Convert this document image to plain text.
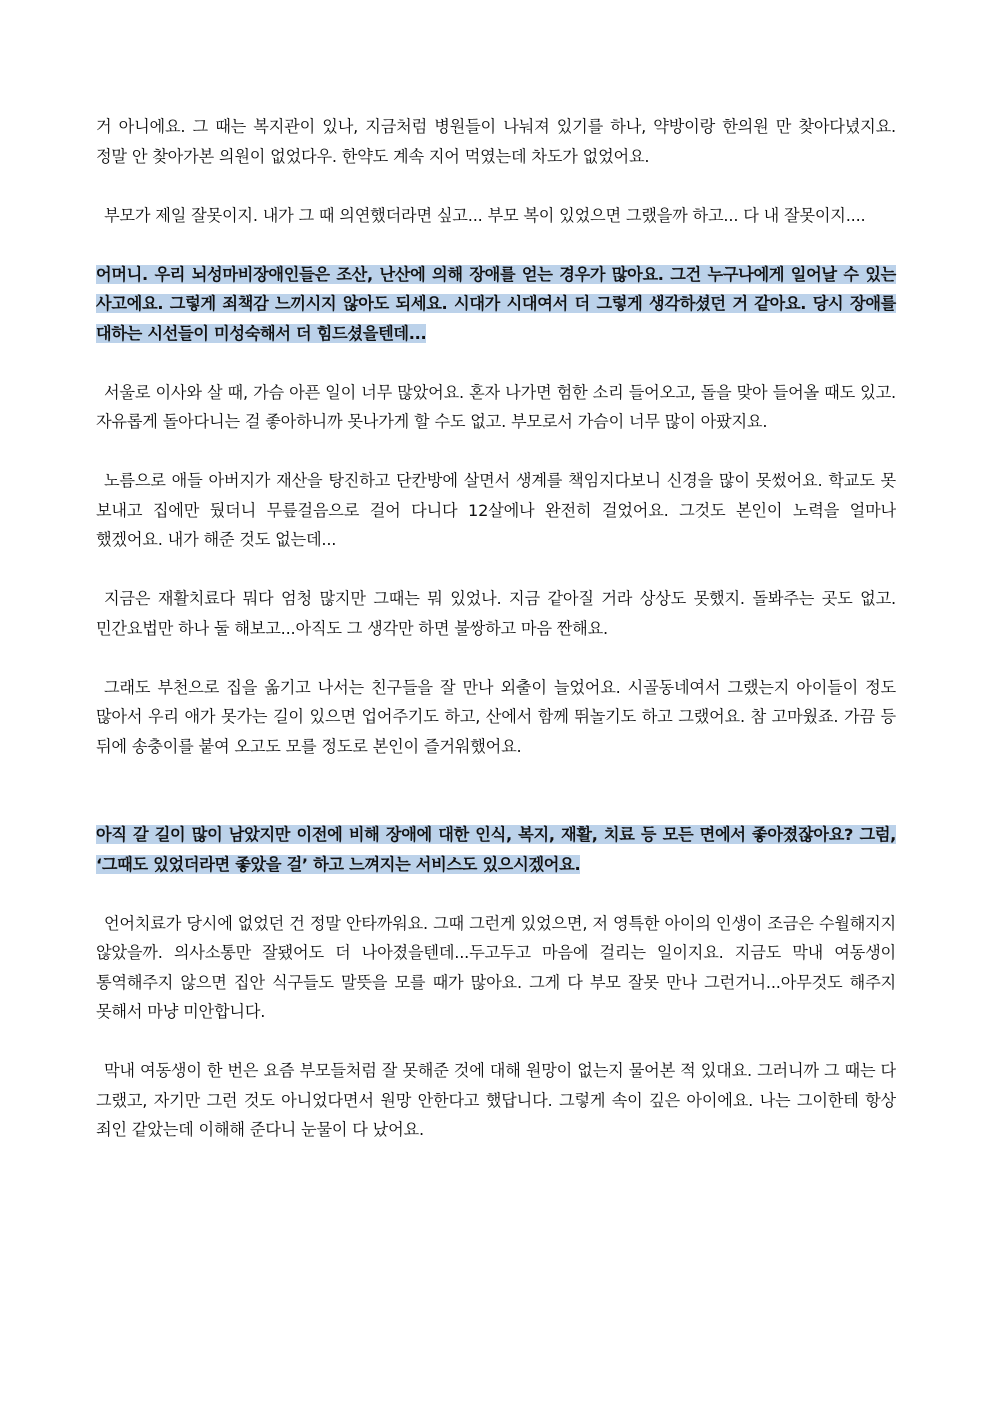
거 아니에요. 그 때는 복지관이 있나, 지금처럼 병원들이 나눠져 있기를 하나, 약방이랑 한의원 만 찾아다녔지요. 정말 안 찾아가본 의원이 없었다우. 한약도 계속 지어 먹였는데 차도가 없었어요.

부모가 제일 잘못이지. 내가 그 때 의연했더라면 싶고... 부모 복이 있었으면 그랬을까 하고... 다 내 잘못이지....

어머니. 우리 뇌성마비장애인들은 조산, 난산에 의해 장애를 얻는 경우가 많아요. 그건 누구나에게 일어날 수 있는 사고에요. 그렇게 죄책감 느끼시지 않아도 되세요. 시대가 시대여서 더 그렇게 생각하셨던 거 같아요. 당시 장애를 대하는 시선들이 미성숙해서 더 힘드셨을텐데...

서울로 이사와 살 때, 가슴 아픈 일이 너무 많았어요. 혼자 나가면 험한 소리 들어오고, 돌을 맞아 들어올 때도 있고. 자유롭게 돌아다니는 걸 좋아하니까 못나가게 할 수도 없고. 부모로서 가슴이 너무 많이 아팠지요.

노름으로 애들 아버지가 재산을 탕진하고 단칸방에 살면서 생계를 책임지다보니 신경을 많이 못썼어요. 학교도 못 보내고 집에만 뒀더니 무릎걸음으로 걸어 다니다 12살에나 완전히 걸었어요. 그것도 본인이 노력을 얼마나 했겠어요. 내가 해준 것도 없는데...

지금은 재활치료다 뭐다 엄청 많지만 그때는 뭐 있었나. 지금 같아질 거라 상상도 못했지. 돌봐주는 곳도 없고. 민간요법만 하나 둘 해보고...아직도 그 생각만 하면 불쌍하고 마음 짠해요.

그래도 부천으로 집을 옮기고 나서는 친구들을 잘 만나 외출이 늘었어요. 시골동네여서 그랬는지 아이들이 정도 많아서 우리 애가 못가는 길이 있으면 업어주기도 하고, 산에서 함께 뛰놀기도 하고 그랬어요. 참 고마웠죠. 가끔 등 뒤에 송충이를 붙여 오고도 모를 정도로 본인이 즐거워했어요.

아직 갈 길이 많이 남았지만 이전에 비해 장애에 대한 인식, 복지, 재활, 치료 등 모든 면에서 좋아졌잖아요? 그럼, ‘그때도 있었더라면 좋았을 걸’ 하고 느껴지는 서비스도 있으시겠어요.

언어치료가 당시에 없었던 건 정말 안타까워요. 그때 그런게 있었으면, 저 영특한 아이의 인생이 조금은 수월해지지 않았을까. 의사소통만 잘됐어도 더 나아졌을텐데...두고두고 마음에 걸리는 일이지요. 지금도 막내 여동생이 통역해주지 않으면 집안 식구들도 말뜻을 모를 때가 많아요. 그게 다 부모 잘못 만나 그런거니...아무것도 해주지 못해서 마냥 미안합니다.

막내 여동생이 한 번은 요즘 부모들처럼 잘 못해준 것에 대해 원망이 없는지 물어본 적 있대요. 그러니까 그 때는 다 그랬고, 자기만 그런 것도 아니었다면서 원망 안한다고 했답니다. 그렇게 속이 깊은 아이에요. 나는 그이한테 항상 죄인 같았는데 이해해 준다니 눈물이 다 났어요.
